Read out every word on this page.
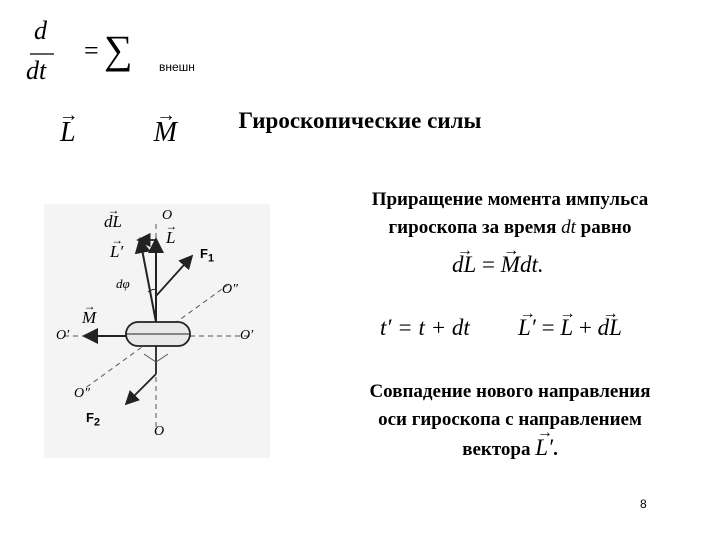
d
dt
→ L
= ∑
→ M
внешн
Гироскопические силы
→ dL
→ L′
→ L
O
$F_1$
dφ	O″
→ M
O′	O′
O″
$F_2$
O
Приращение момента импульса
гироскопа за время dt равно
→ dL = → Mdt.
t′ = t + dt
→ L′ = → L + → dL
Совпадение нового направления
оси гироскопа с направлением
вектора → L′.
8
